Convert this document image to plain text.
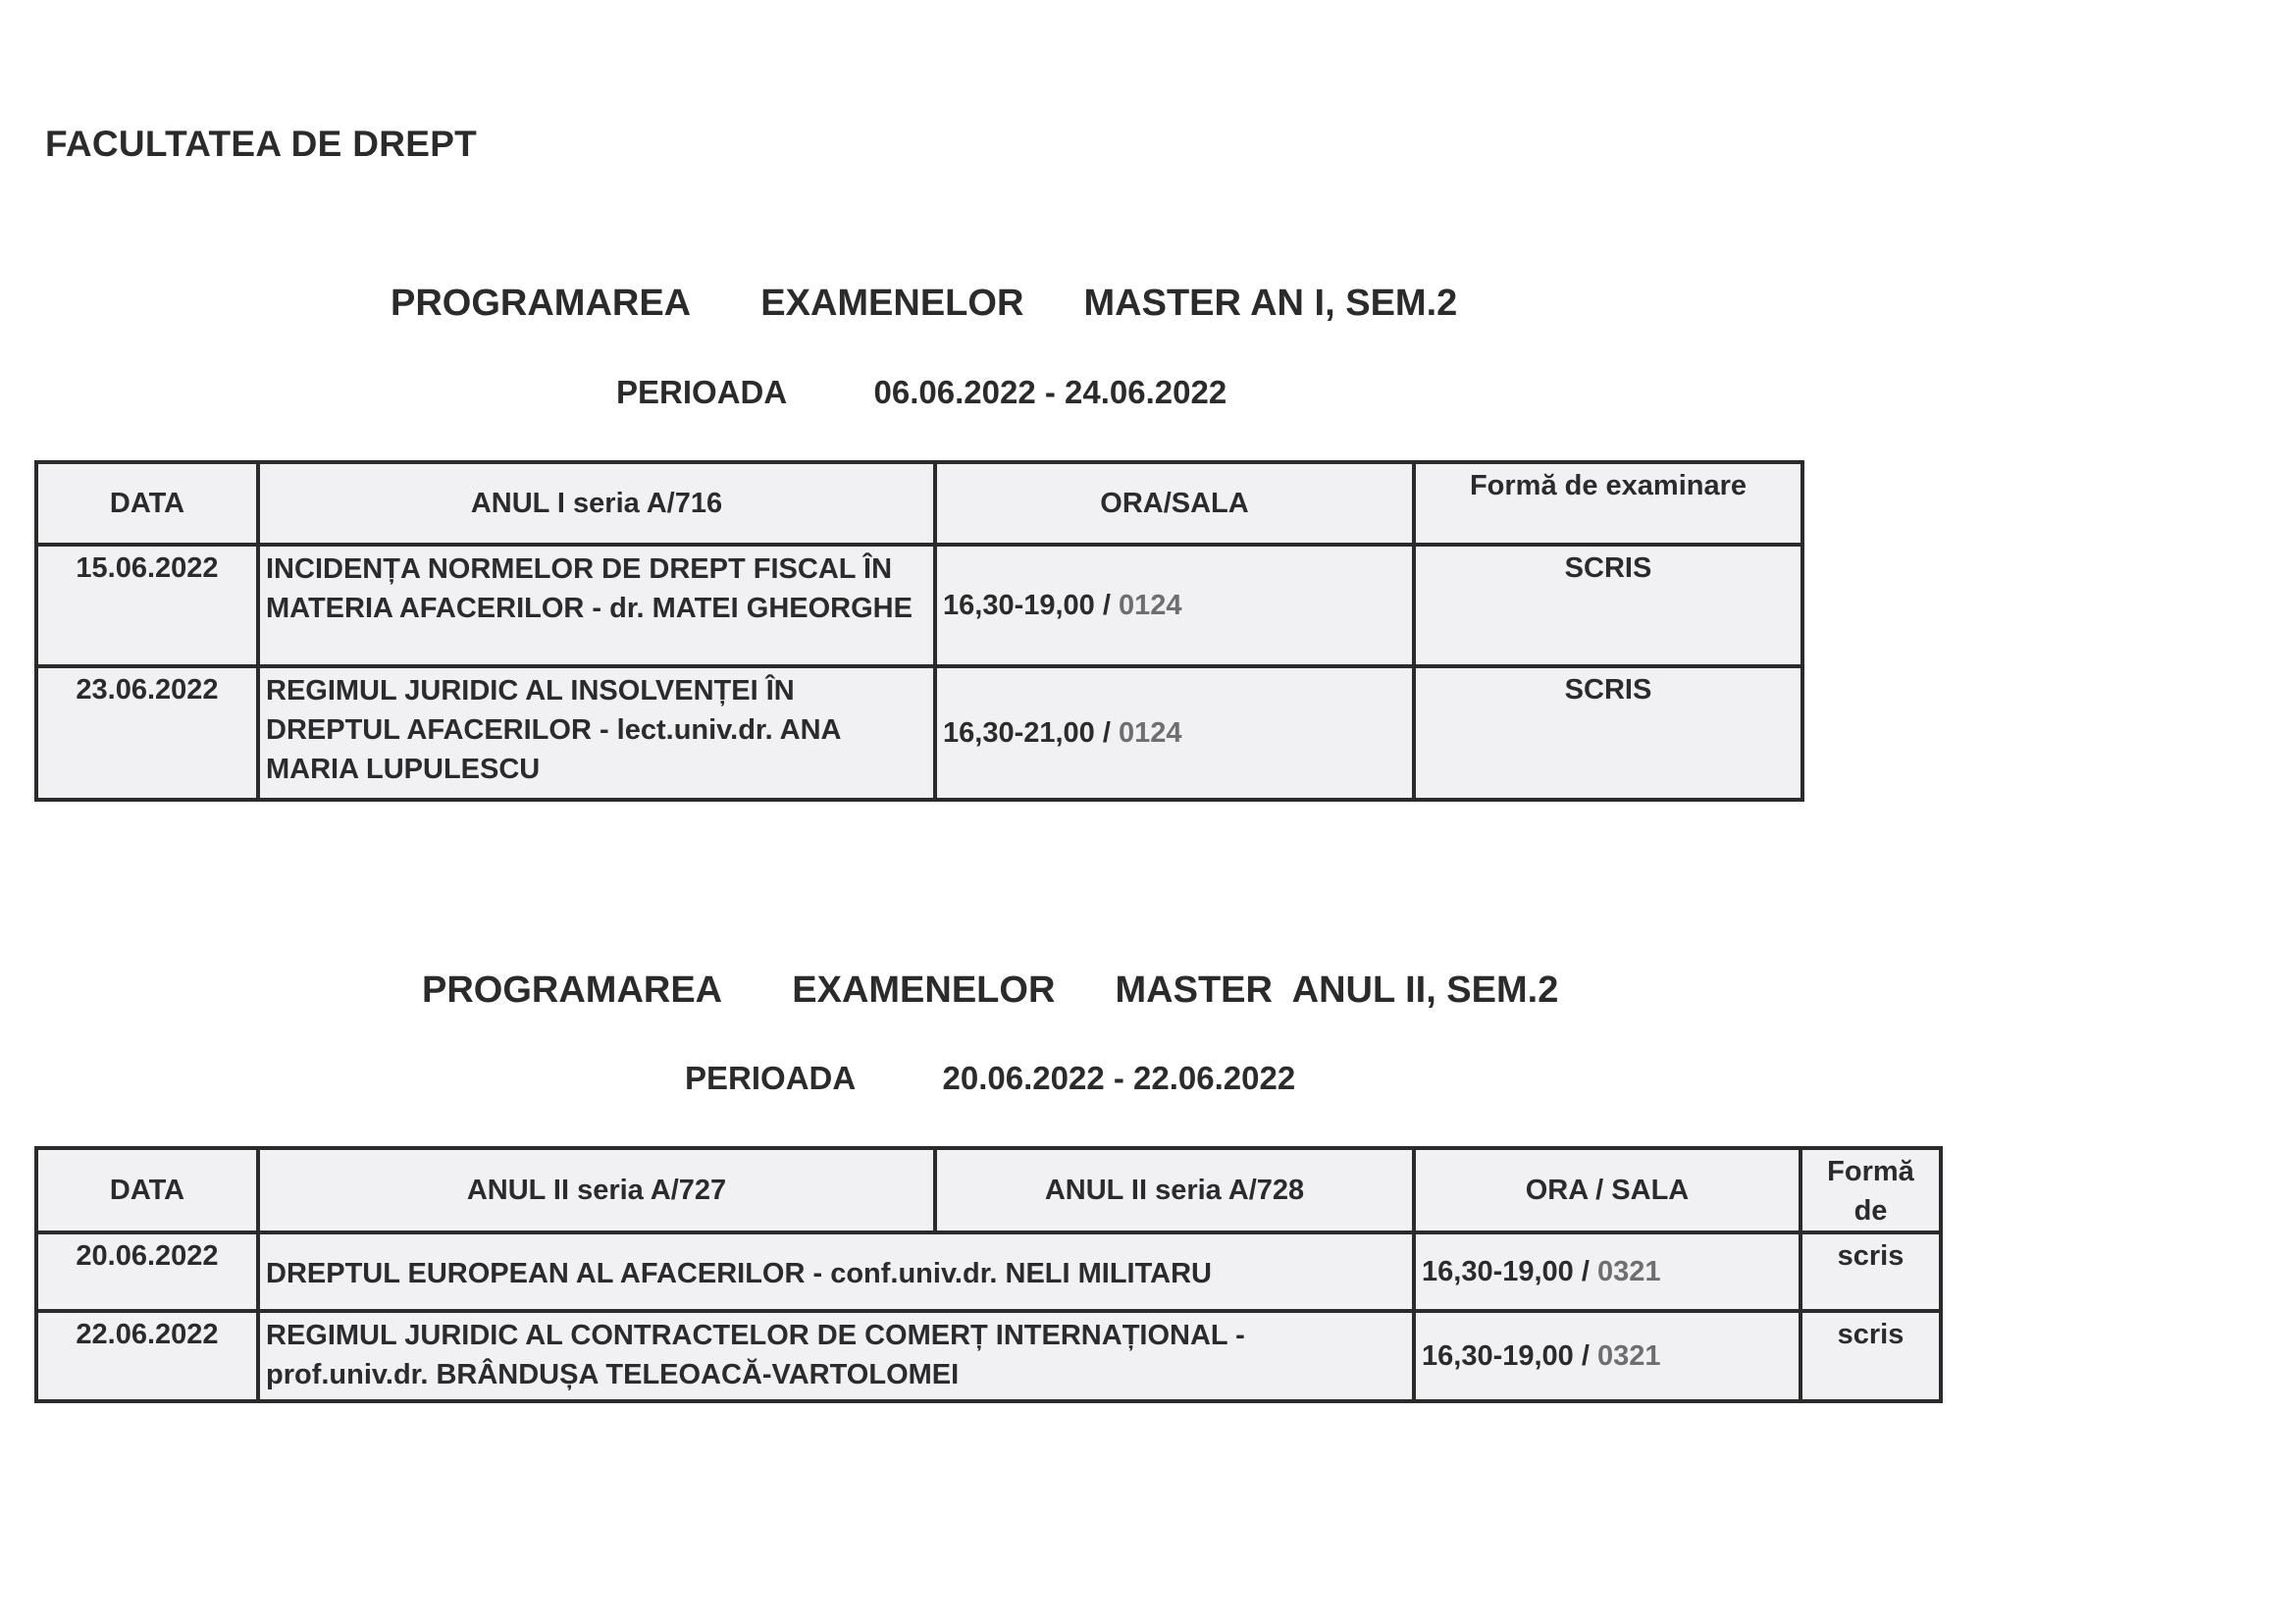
FACULTATEA DE DREPT
PROGRAMAREA EXAMENELOR MASTER AN I, SEM.2
PERIOADA	06.06.2022 - 24.06.2022
DATA	ANUL I seria A/716	ORA/SALA	Formă de examinare
15.06.2022	INCIDENȚA NORMELOR DE DREPT FISCAL ÎN MATERIA AFACERILOR - dr. MATEI GHEORGHE	16,30-19,00 / 0124	SCRIS
23.06.2022	REGIMUL JURIDIC AL INSOLVENȚEI ÎN DREPTUL AFACERILOR - lect.univ.dr. ANA MARIA LUPULESCU	16,30-21,00 / 0124	SCRIS
PROGRAMAREA EXAMENELOR MASTER  ANUL II, SEM.2
PERIOADA	20.06.2022 - 22.06.2022
DATA	ANUL II seria A/727	ANUL II seria A/728	ORA / SALA	Formă de
20.06.2022	DREPTUL EUROPEAN AL AFACERILOR - conf.univ.dr. NELI MILITARU		16,30-19,00 / 0321	scris
22.06.2022	REGIMUL JURIDIC AL CONTRACTELOR DE COMERȚ INTERNAȚIONAL - prof.univ.dr. BRÂNDUȘA TELEOACĂ-VARTOLOMEI		16,30-19,00 / 0321	scris
